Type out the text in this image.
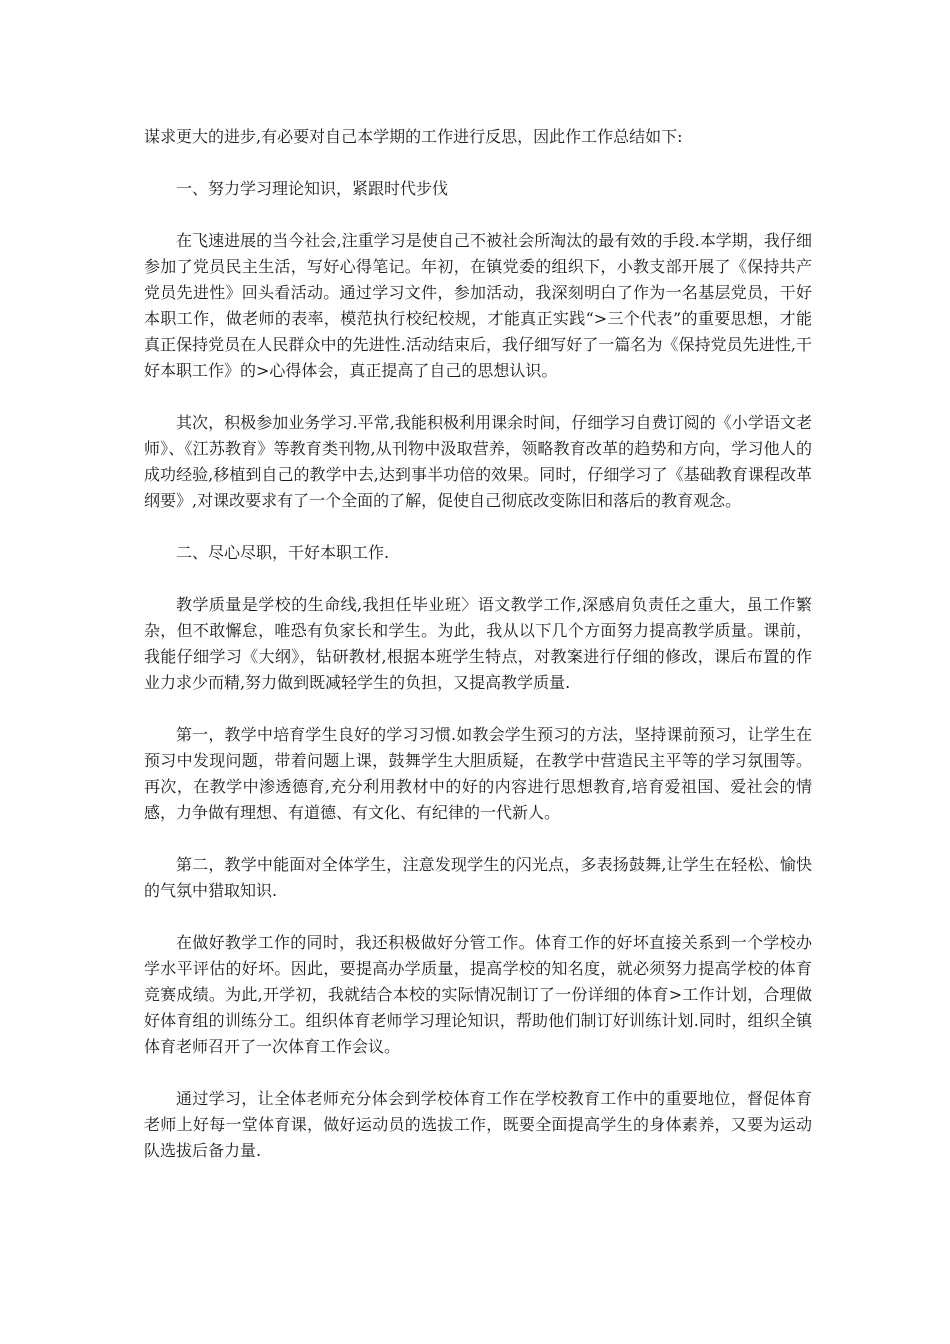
谋求更大的进步,有必要对自己本学期的工作进行反思，因此作工作总结如下:

一、努力学习理论知识，紧跟时代步伐

在飞速进展的当今社会,注重学习是使自己不被社会所淘汰的最有效的手段.本学期，我仔细参加了党员民主生活，写好心得笔记。年初，在镇党委的组织下，小教支部开展了《保持共产党员先进性》回头看活动。通过学习文件，参加活动，我深刻明白了作为一名基层党员，干好本职工作，做老师的表率，模范执行校纪校规，才能真正实践“>三个代表”的重要思想，才能真正保持党员在人民群众中的先进性.活动结束后，我仔细写好了一篇名为《保持党员先进性,干好本职工作》的>心得体会，真正提高了自己的思想认识。

其次，积极参加业务学习.平常,我能积极利用课余时间，仔细学习自费订阅的《小学语文老师》、《江苏教育》等教育类刊物,从刊物中汲取营养，领略教育改革的趋势和方向，学习他人的成功经验,移植到自己的教学中去,达到事半功倍的效果。同时，仔细学习了《基础教育课程改革纲要》,对课改要求有了一个全面的了解，促使自己彻底改变陈旧和落后的教育观念。

二、尽心尽职，干好本职工作.

教学质量是学校的生命线,我担任毕业班〉语文教学工作,深感肩负责任之重大，虽工作繁杂，但不敢懈怠，唯恐有负家长和学生。为此，我从以下几个方面努力提高教学质量。课前，我能仔细学习《大纲》，钻研教材,根据本班学生特点，对教案进行仔细的修改，课后布置的作业力求少而精,努力做到既减轻学生的负担，又提高教学质量.

第一，教学中培育学生良好的学习习惯.如教会学生预习的方法，坚持课前预习，让学生在预习中发现问题，带着问题上课，鼓舞学生大胆质疑，在教学中营造民主平等的学习氛围等。再次，在教学中渗透德育,充分利用教材中的好的内容进行思想教育,培育爱祖国、爱社会的情感，力争做有理想、有道德、有文化、有纪律的一代新人。

第二，教学中能面对全体学生，注意发现学生的闪光点，多表扬鼓舞,让学生在轻松、愉快的气氛中猎取知识.

在做好教学工作的同时，我还积极做好分管工作。体育工作的好坏直接关系到一个学校办学水平评估的好坏。因此，要提高办学质量，提高学校的知名度，就必须努力提高学校的体育竞赛成绩。为此,开学初，我就结合本校的实际情况制订了一份详细的体育>工作计划，合理做好体育组的训练分工。组织体育老师学习理论知识，帮助他们制订好训练计划.同时，组织全镇体育老师召开了一次体育工作会议。

通过学习，让全体老师充分体会到学校体育工作在学校教育工作中的重要地位，督促体育老师上好每一堂体育课，做好运动员的选拔工作，既要全面提高学生的身体素养，又要为运动队选拔后备力量.
